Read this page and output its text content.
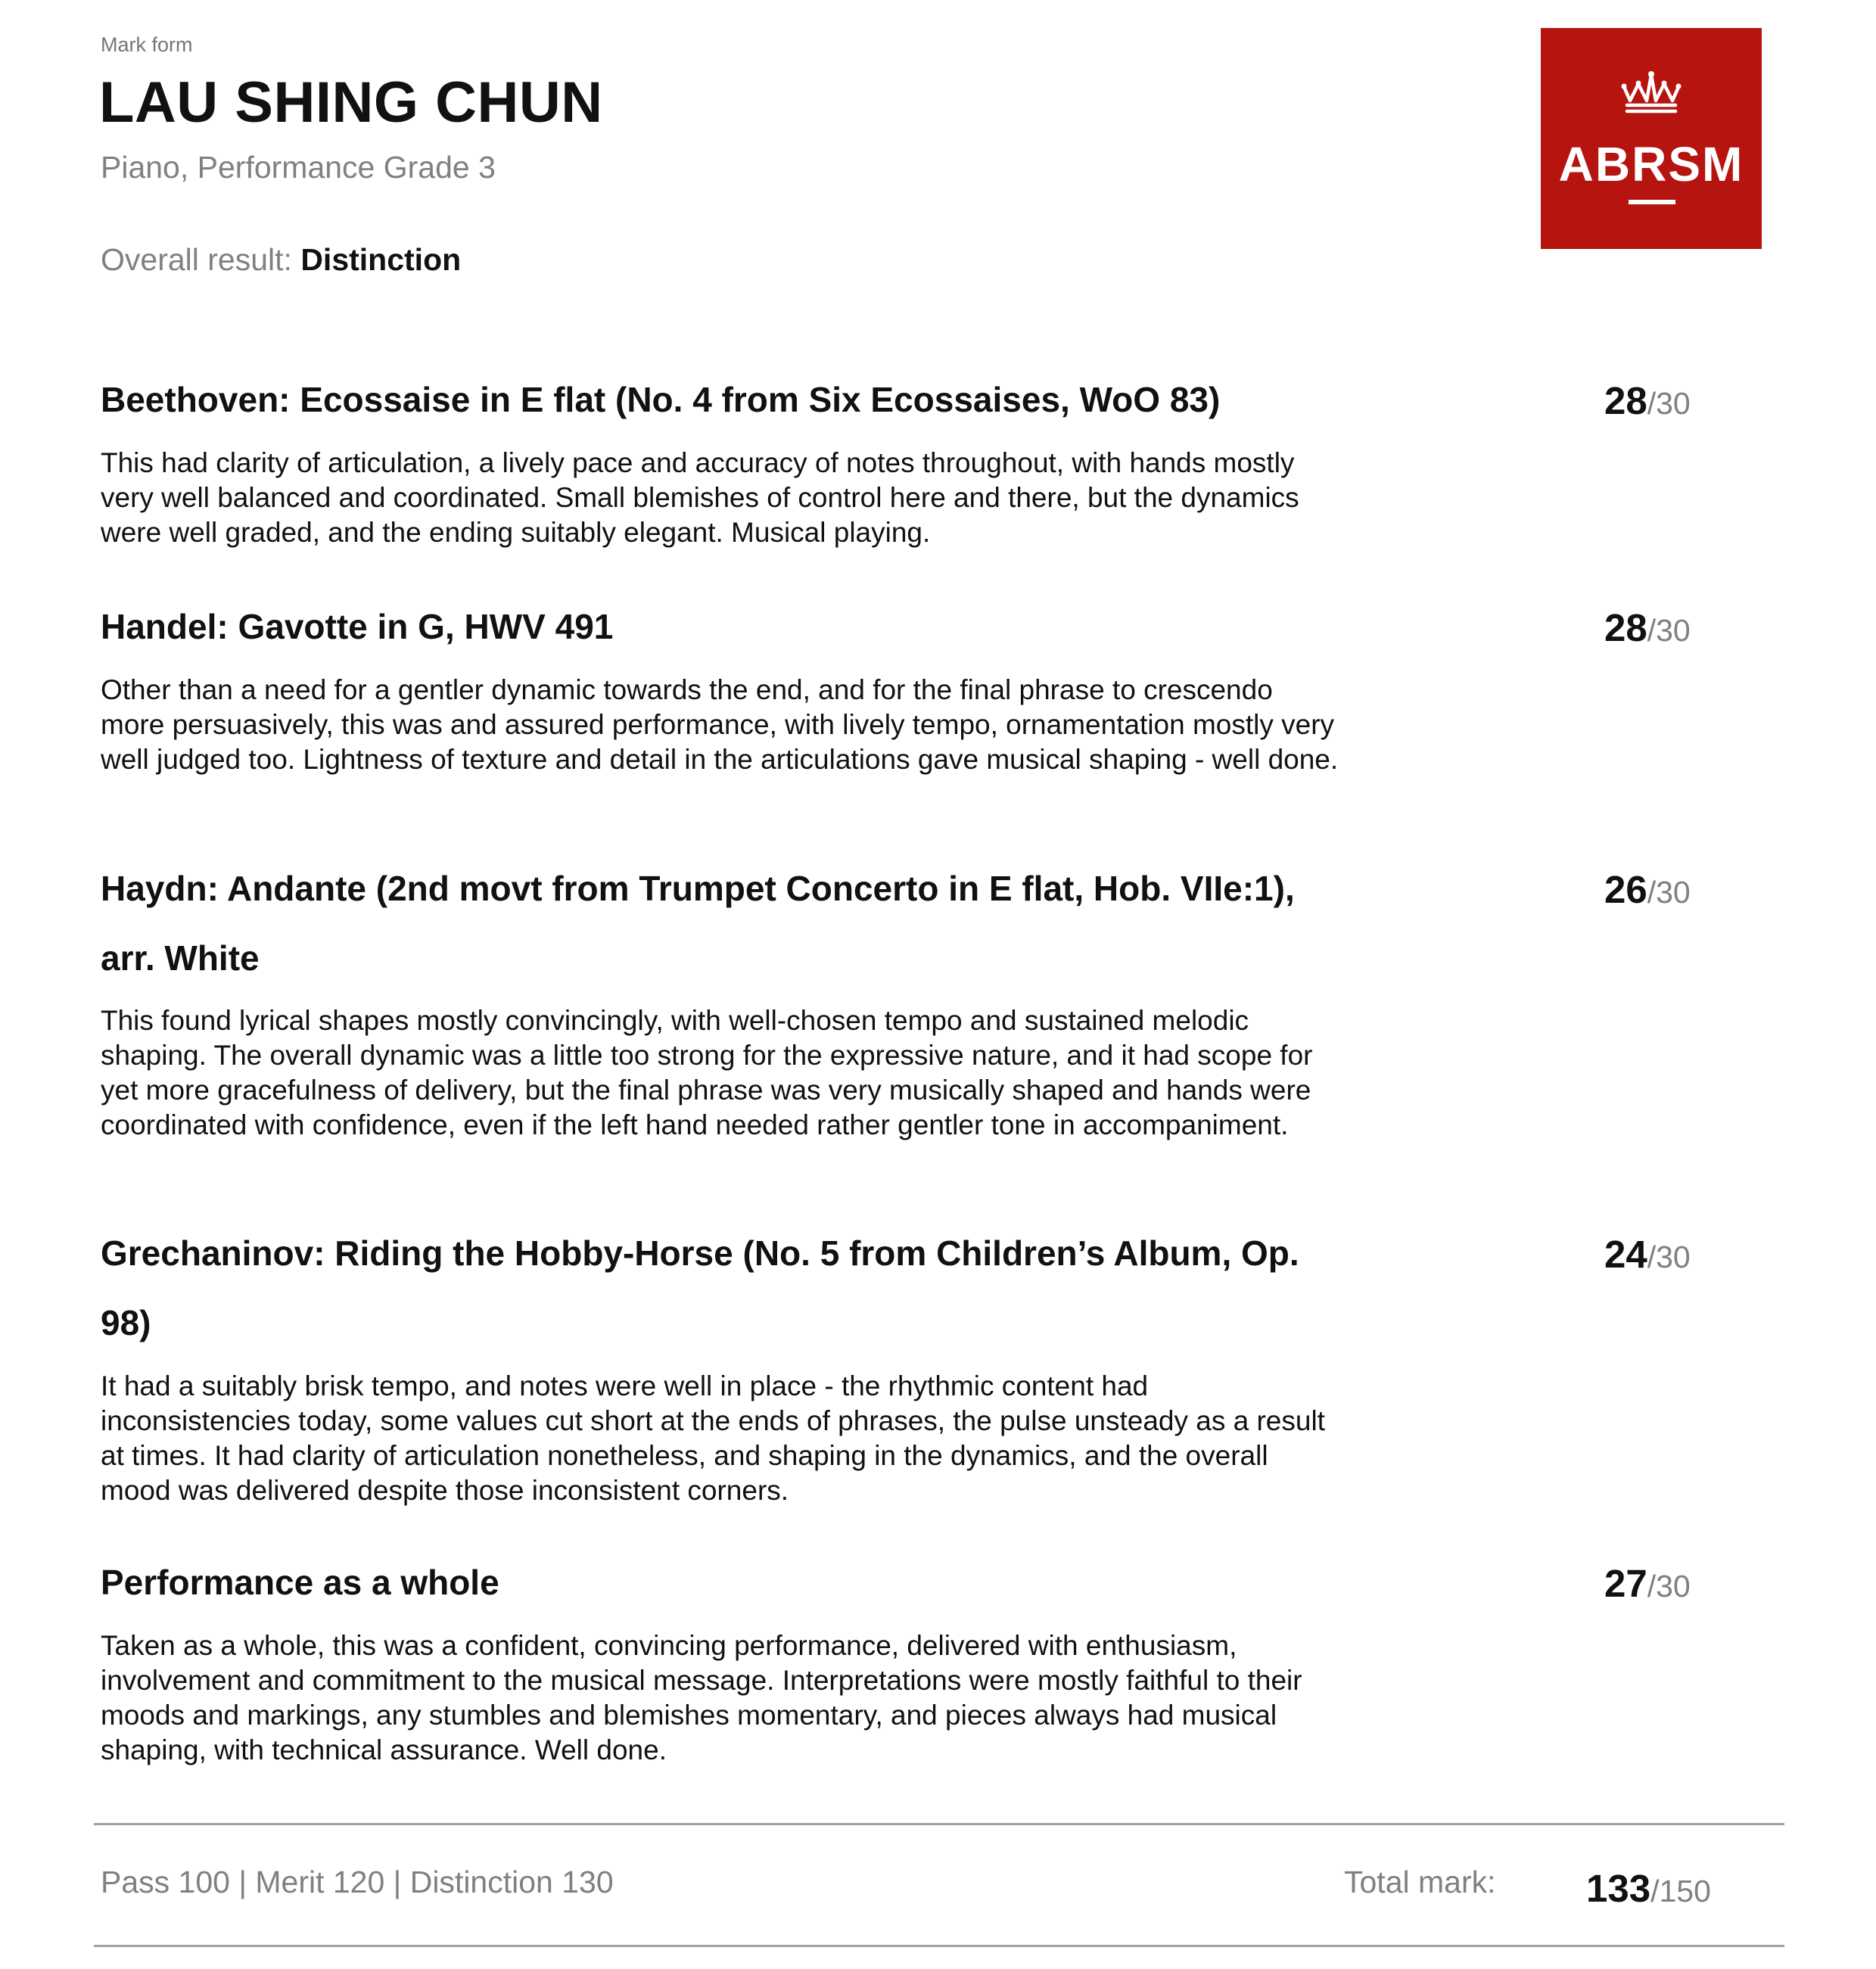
Mark form
LAU SHING CHUN
Piano, Performance Grade 3
Overall result: Distinction
ABRSM
Beethoven: Ecossaise in E flat (No. 4 from Six Ecossaises, WoO 83)
This had clarity of articulation, a lively pace and accuracy of notes throughout, with hands mostly very well balanced and coordinated. Small blemishes of control here and there, but the dynamics were well graded, and the ending suitably elegant. Musical playing.
28/30
Handel: Gavotte in G, HWV 491
Other than a need for a gentler dynamic towards the end, and for the final phrase to crescendo more persuasively, this was and assured performance, with lively tempo, ornamentation mostly very well judged too. Lightness of texture and detail in the articulations gave musical shaping - well done.
28/30
Haydn: Andante (2nd movt from Trumpet Concerto in E flat, Hob. VIIe:1), arr. White
This found lyrical shapes mostly convincingly, with well-chosen tempo and sustained melodic shaping. The overall dynamic was a little too strong for the expressive nature, and it had scope for yet more gracefulness of delivery, but the final phrase was very musically shaped and hands were coordinated with confidence, even if the left hand needed rather gentler tone in accompaniment.
26/30
Grechaninov: Riding the Hobby-Horse (No. 5 from Children’s Album, Op. 98)
It had a suitably brisk tempo, and notes were well in place - the rhythmic content had inconsistencies today, some values cut short at the ends of phrases, the pulse unsteady as a result at times. It had clarity of articulation nonetheless, and shaping in the dynamics, and the overall mood was delivered despite those inconsistent corners.
24/30
Performance as a whole
Taken as a whole, this was a confident, convincing performance, delivered with enthusiasm, involvement and commitment to the musical message. Interpretations were mostly faithful to their moods and markings, any stumbles and blemishes momentary, and pieces always had musical shaping, with technical assurance. Well done.
27/30
Pass 100 | Merit 120 | Distinction 130	Total mark: 133/150
